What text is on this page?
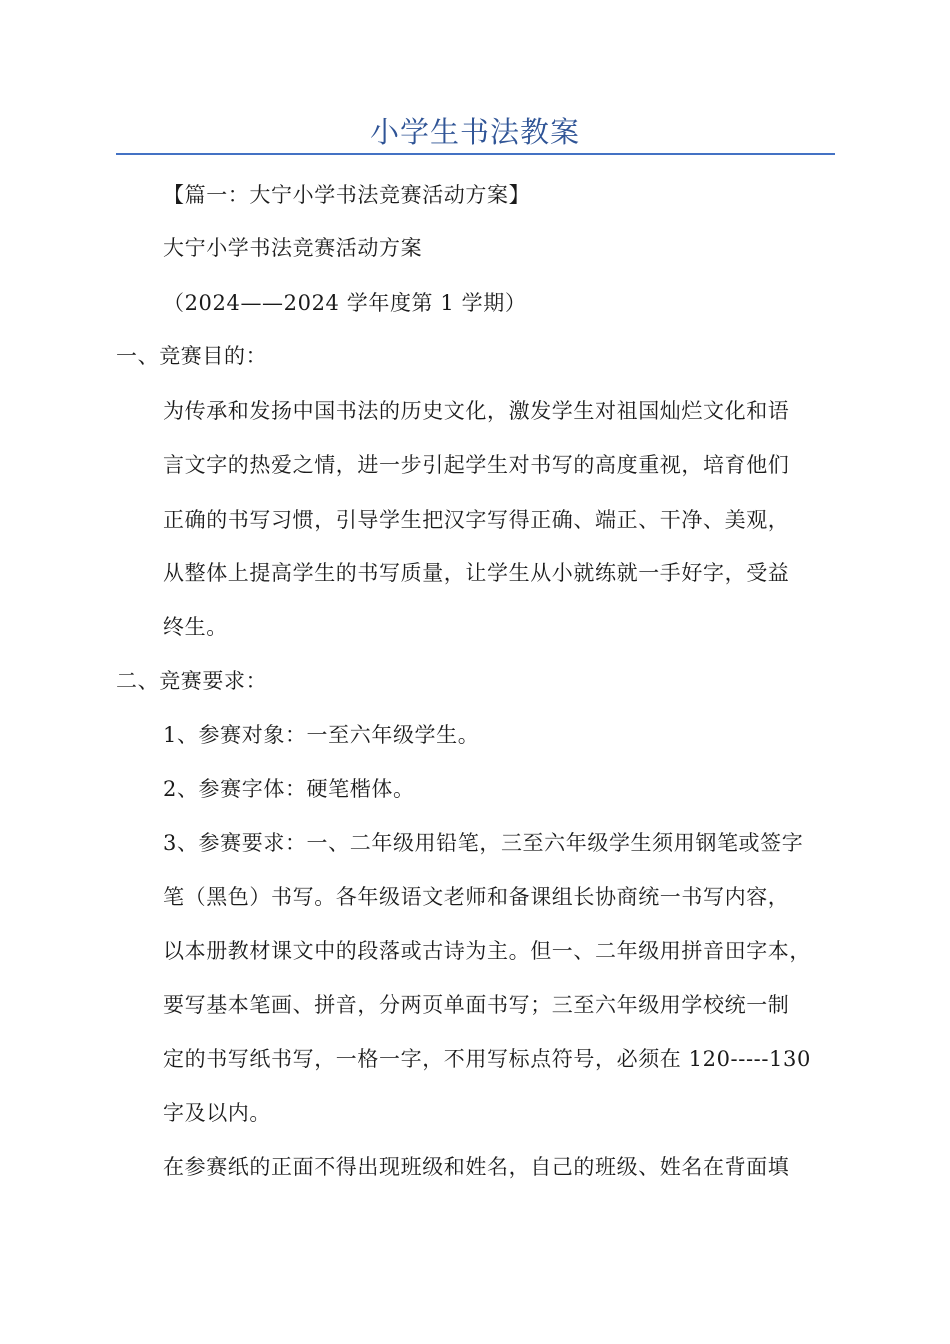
小学生书法教案
【篇一：大宁小学书法竞赛活动方案】
大宁小学书法竞赛活动方案
（2024——2024 学年度第 1 学期）
一、竞赛目的：
为传承和发扬中国书法的历史文化，激发学生对祖国灿烂文化和语
言文字的热爱之情，进一步引起学生对书写的高度重视，培育他们
正确的书写习惯，引导学生把汉字写得正确、端正、干净、美观，
从整体上提高学生的书写质量，让学生从小就练就一手好字，受益
终生。
二、竞赛要求：
1、参赛对象：一至六年级学生。
2、参赛字体：硬笔楷体。
3、参赛要求：一、二年级用铅笔，三至六年级学生须用钢笔或签字
笔（黑色）书写。各年级语文老师和备课组长协商统一书写内容，
以本册教材课文中的段落或古诗为主。但一、二年级用拼音田字本，
要写基本笔画、拼音，分两页单面书写；三至六年级用学校统一制
定的书写纸书写，一格一字，不用写标点符号，必须在 120-----130
字及以内。
在参赛纸的正面不得出现班级和姓名，自己的班级、姓名在背面填
